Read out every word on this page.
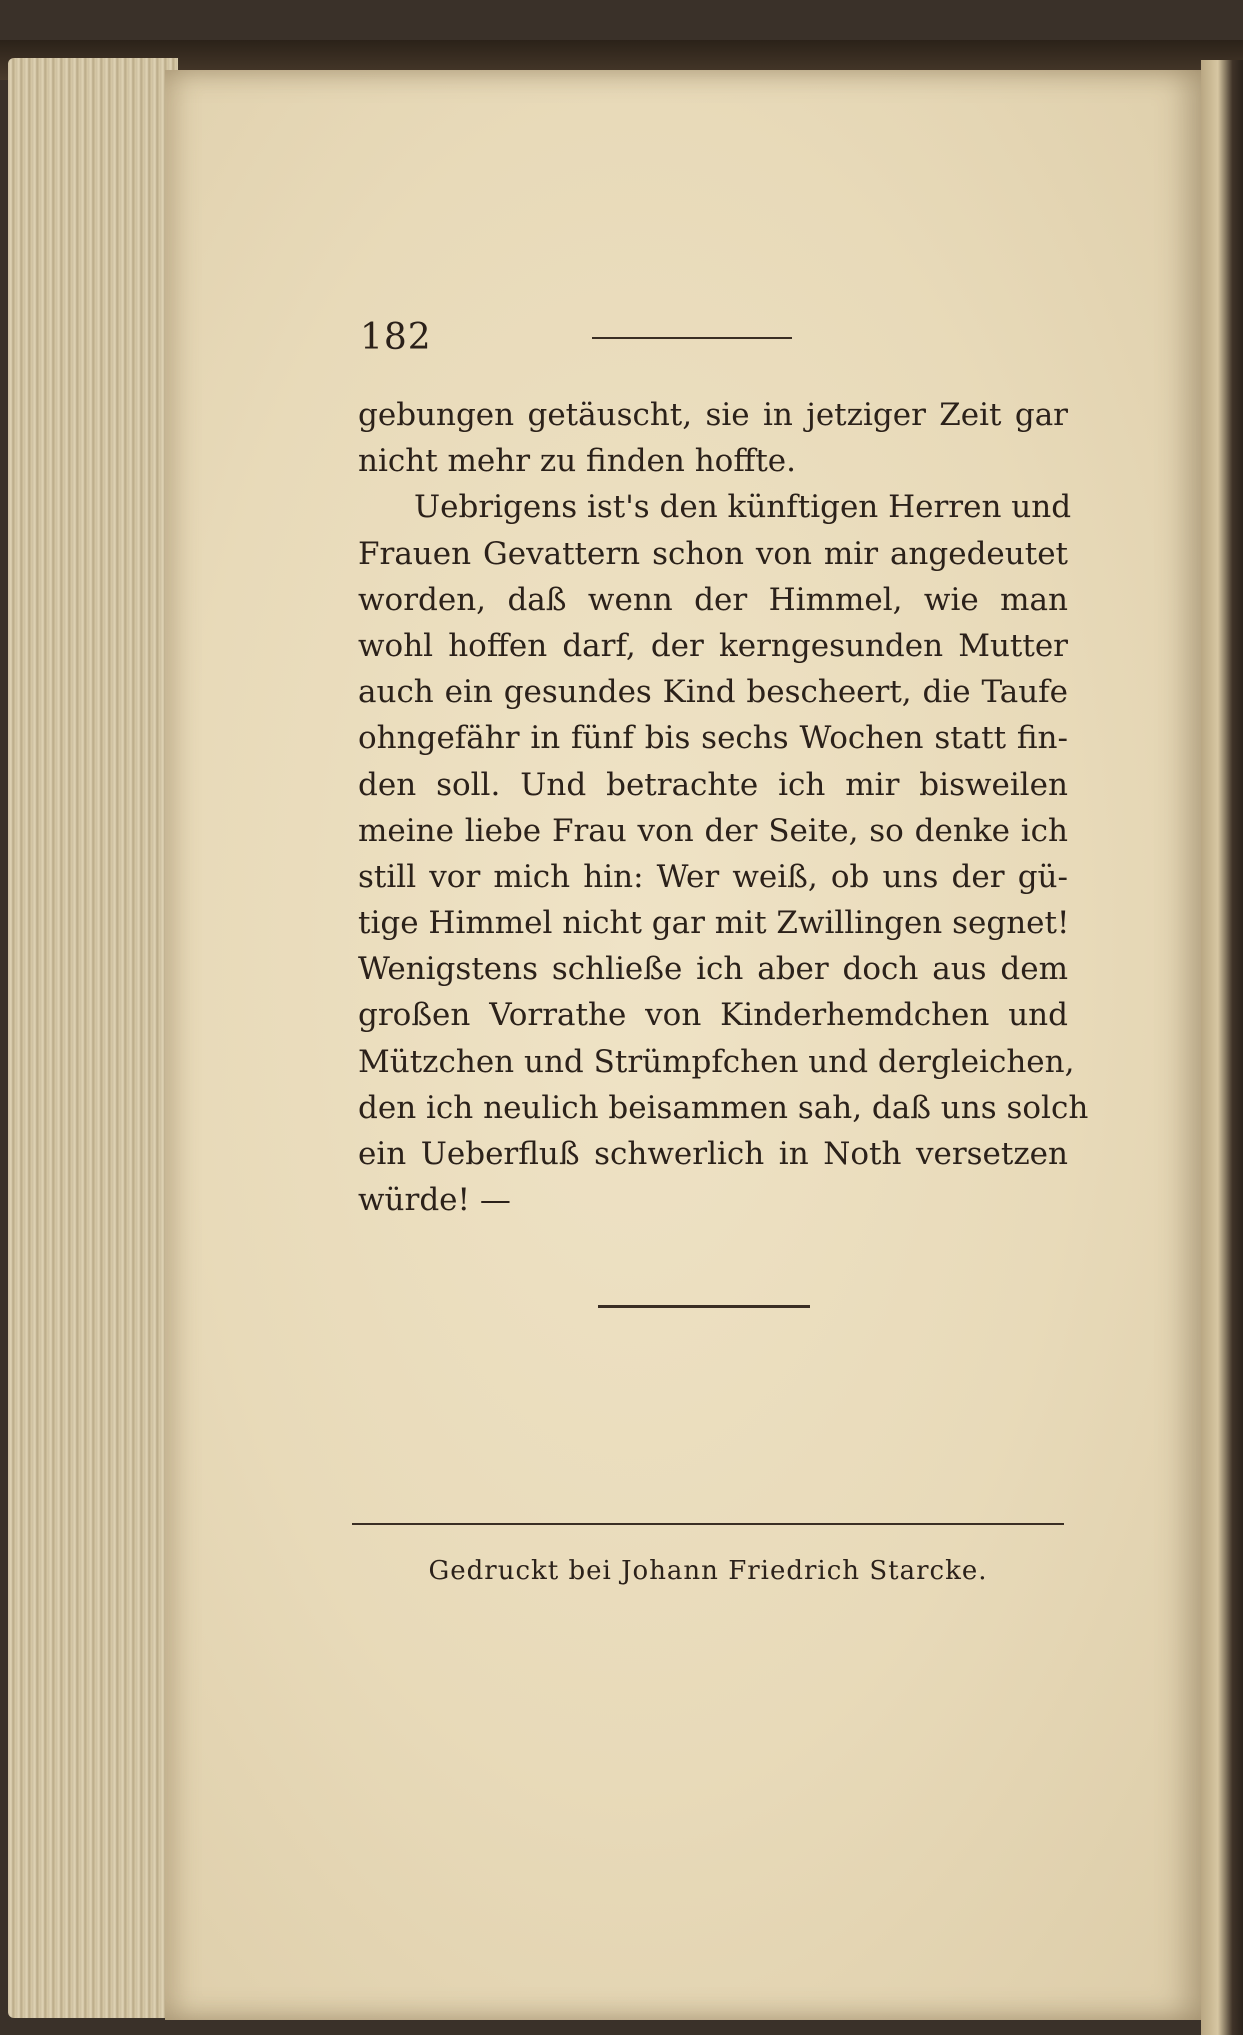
182
gebungen getäuscht, sie in jetziger Zeit gar
nicht mehr zu finden hoffte.
Uebrigens ist's den künftigen Herren und
Frauen Gevattern schon von mir angedeutet
worden, daß wenn der Himmel, wie man
wohl hoffen darf, der kerngesunden Mutter
auch ein gesundes Kind bescheert, die Taufe
ohngefähr in fünf bis sechs Wochen statt fin-
den soll. Und betrachte ich mir bisweilen
meine liebe Frau von der Seite, so denke ich
still vor mich hin: Wer weiß, ob uns der gü-
tige Himmel nicht gar mit Zwillingen segnet!
Wenigstens schließe ich aber doch aus dem
großen Vorrathe von Kinderhemdchen und
Mützchen und Strümpfchen und dergleichen,
den ich neulich beisammen sah, daß uns solch
ein Ueberfluß schwerlich in Noth versetzen
würde! —
Gedruckt bei Johann Friedrich Starcke.
